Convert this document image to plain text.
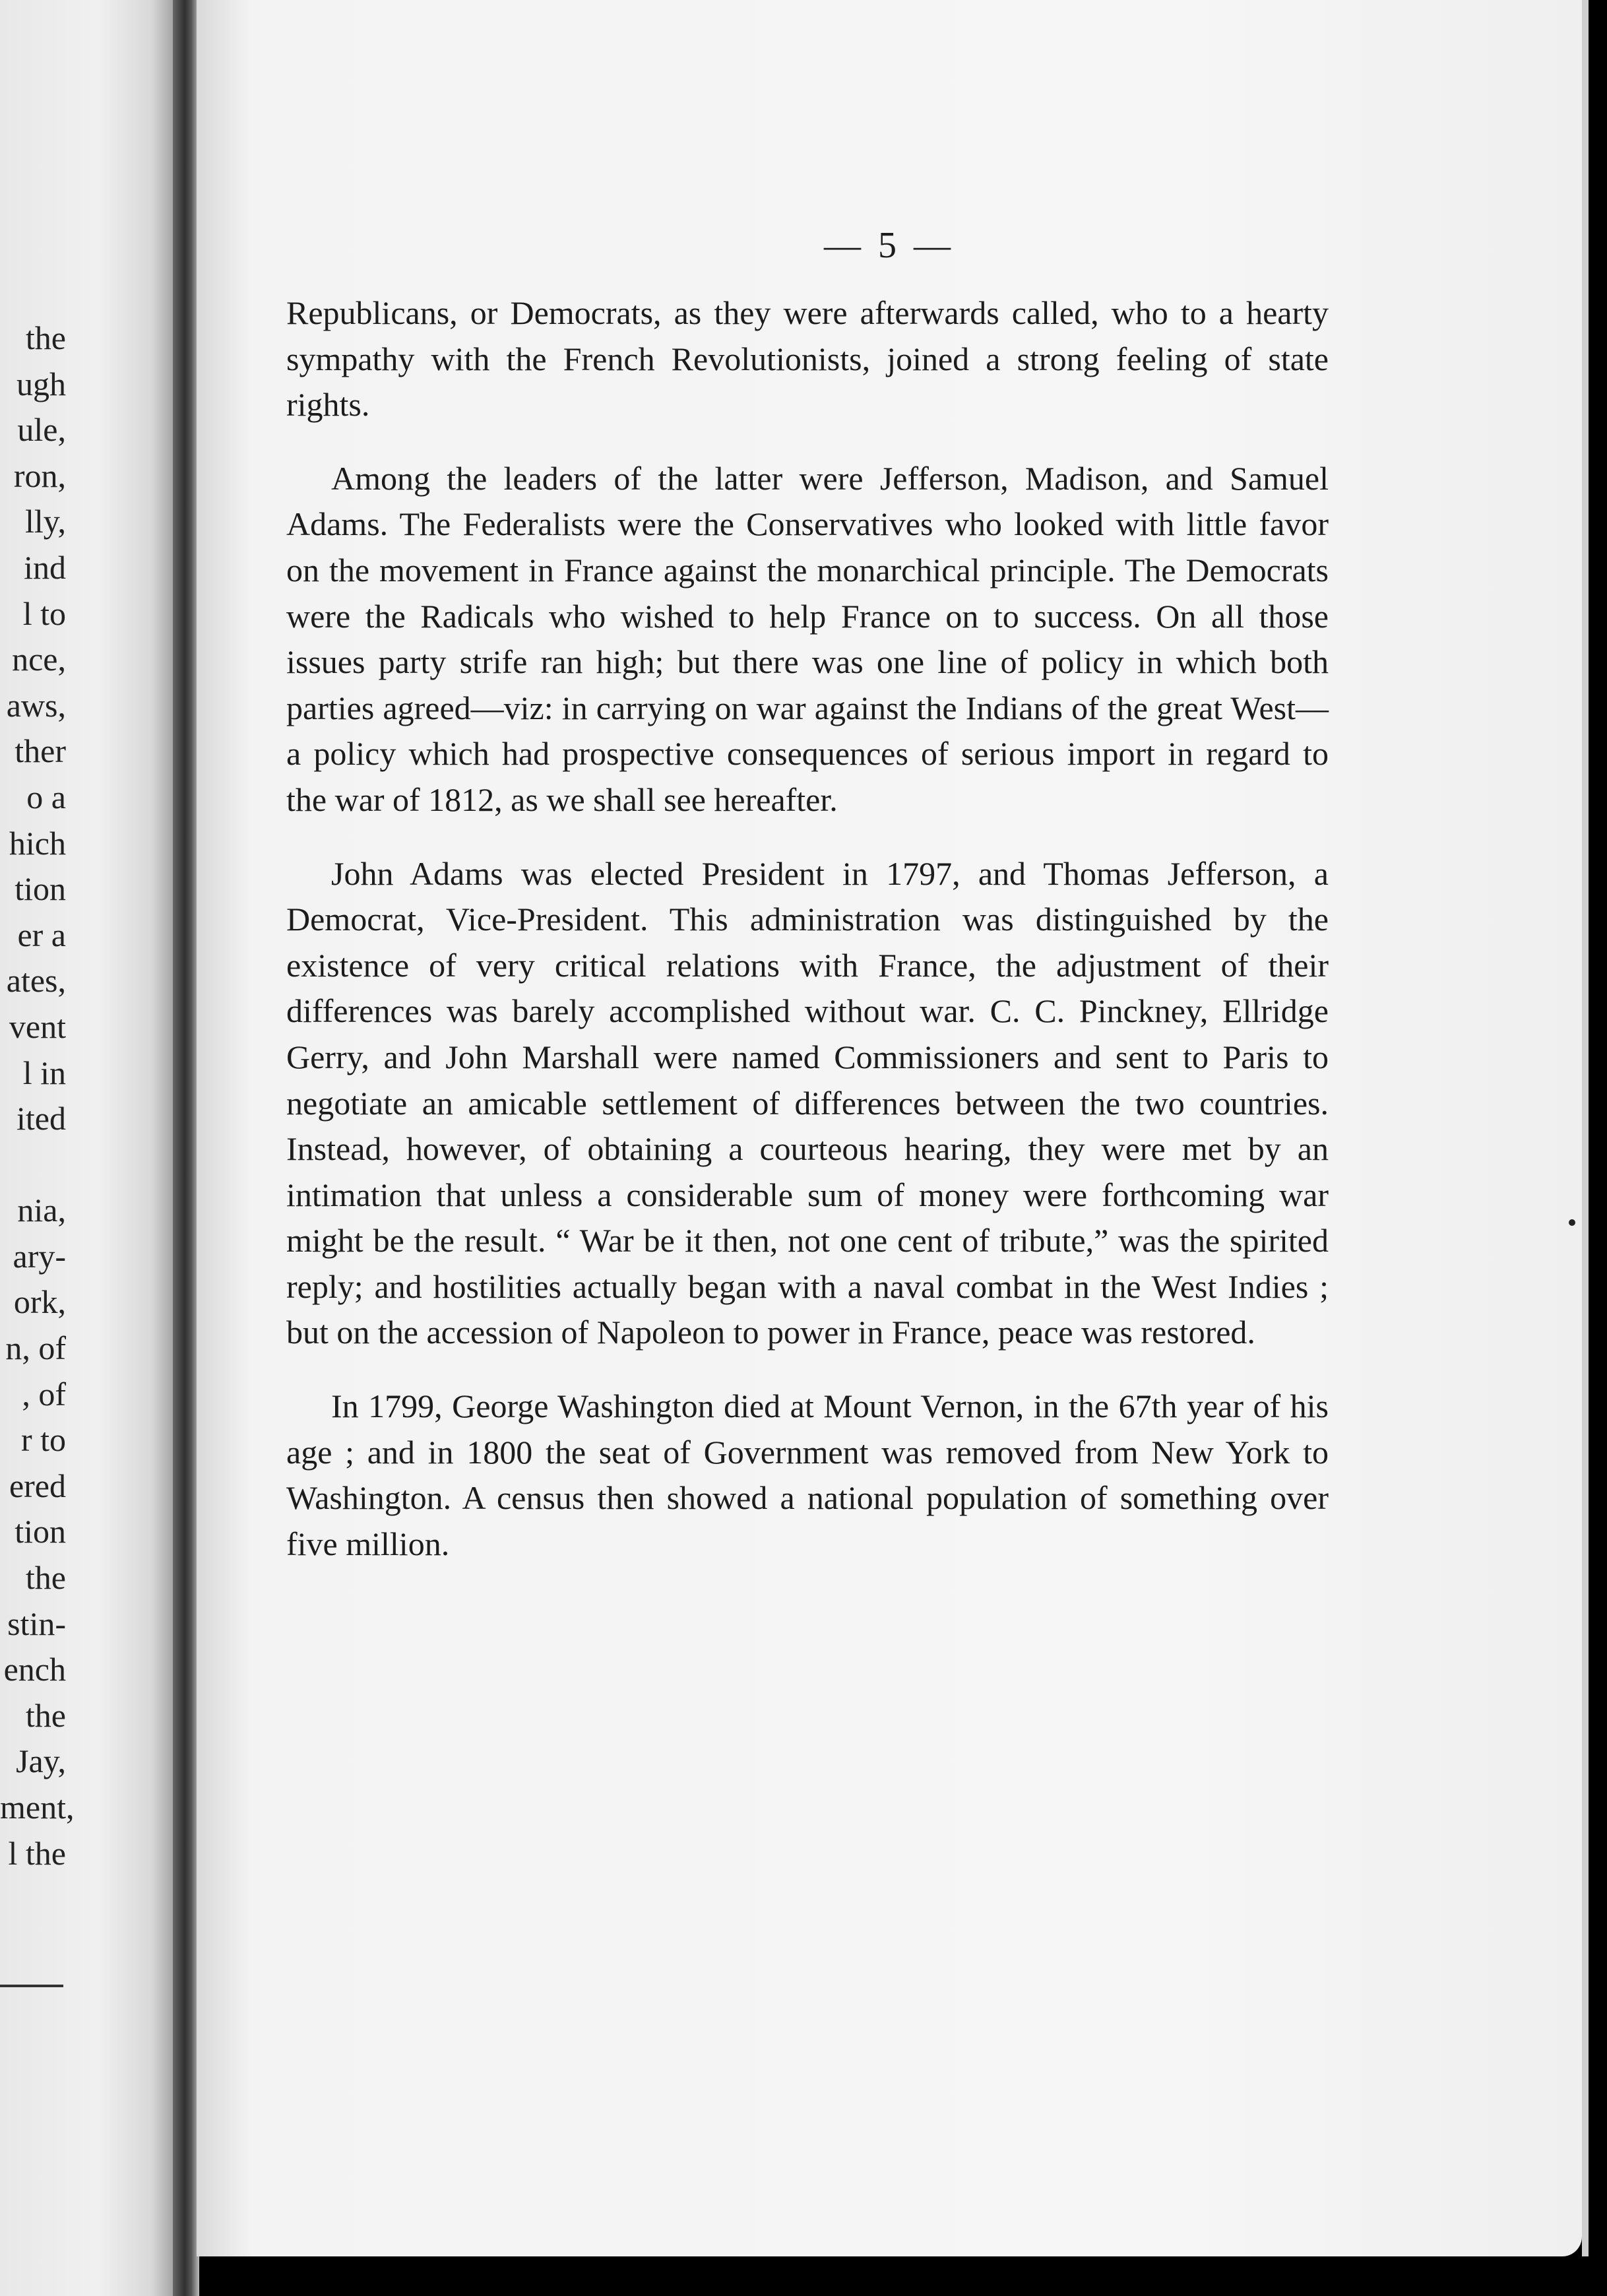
the
ugh
ule,
ron,
lly,
ind
l to
nce,
aws,
ther
o a
hich
tion
er a
ates,
vent
l in
ited
nia,
ary-
ork,
n, of
, of
r to
ered
tion
the
stin-
ench
the
Jay,
ment,
l the

— 5 —

Republicans, or Democrats, as they were afterwards called, who to a hearty sympathy with the French Revolutionists, joined a strong feeling of state rights.

Among the leaders of the latter were Jefferson, Madison, and Samuel Adams. The Federalists were the Conservatives who looked with little favor on the movement in France against the monarchical principle. The Democrats were the Radicals who wished to help France on to success. On all those issues party strife ran high; but there was one line of policy in which both parties agreed—viz: in carrying on war against the Indians of the great West—a policy which had prospective consequences of serious import in regard to the war of 1812, as we shall see hereafter.

John Adams was elected President in 1797, and Thomas Jefferson, a Democrat, Vice-President. This administration was distinguished by the existence of very critical relations with France, the adjustment of their differences was barely accomplished without war. C. C. Pinckney, Ellridge Gerry, and John Marshall were named Commissioners and sent to Paris to negotiate an amicable settlement of differences between the two countries. Instead, however, of obtaining a courteous hearing, they were met by an intimation that unless a considerable sum of money were forthcoming war might be the result. “ War be it then, not one cent of tribute,” was the spirited reply; and hostilities actually began with a naval combat in the West Indies ; but on the accession of Napoleon to power in France, peace was restored.

In 1799, George Washington died at Mount Vernon, in the 67th year of his age ; and in 1800 the seat of Government was removed from New York to Washington. A census then showed a national population of something over five million.
